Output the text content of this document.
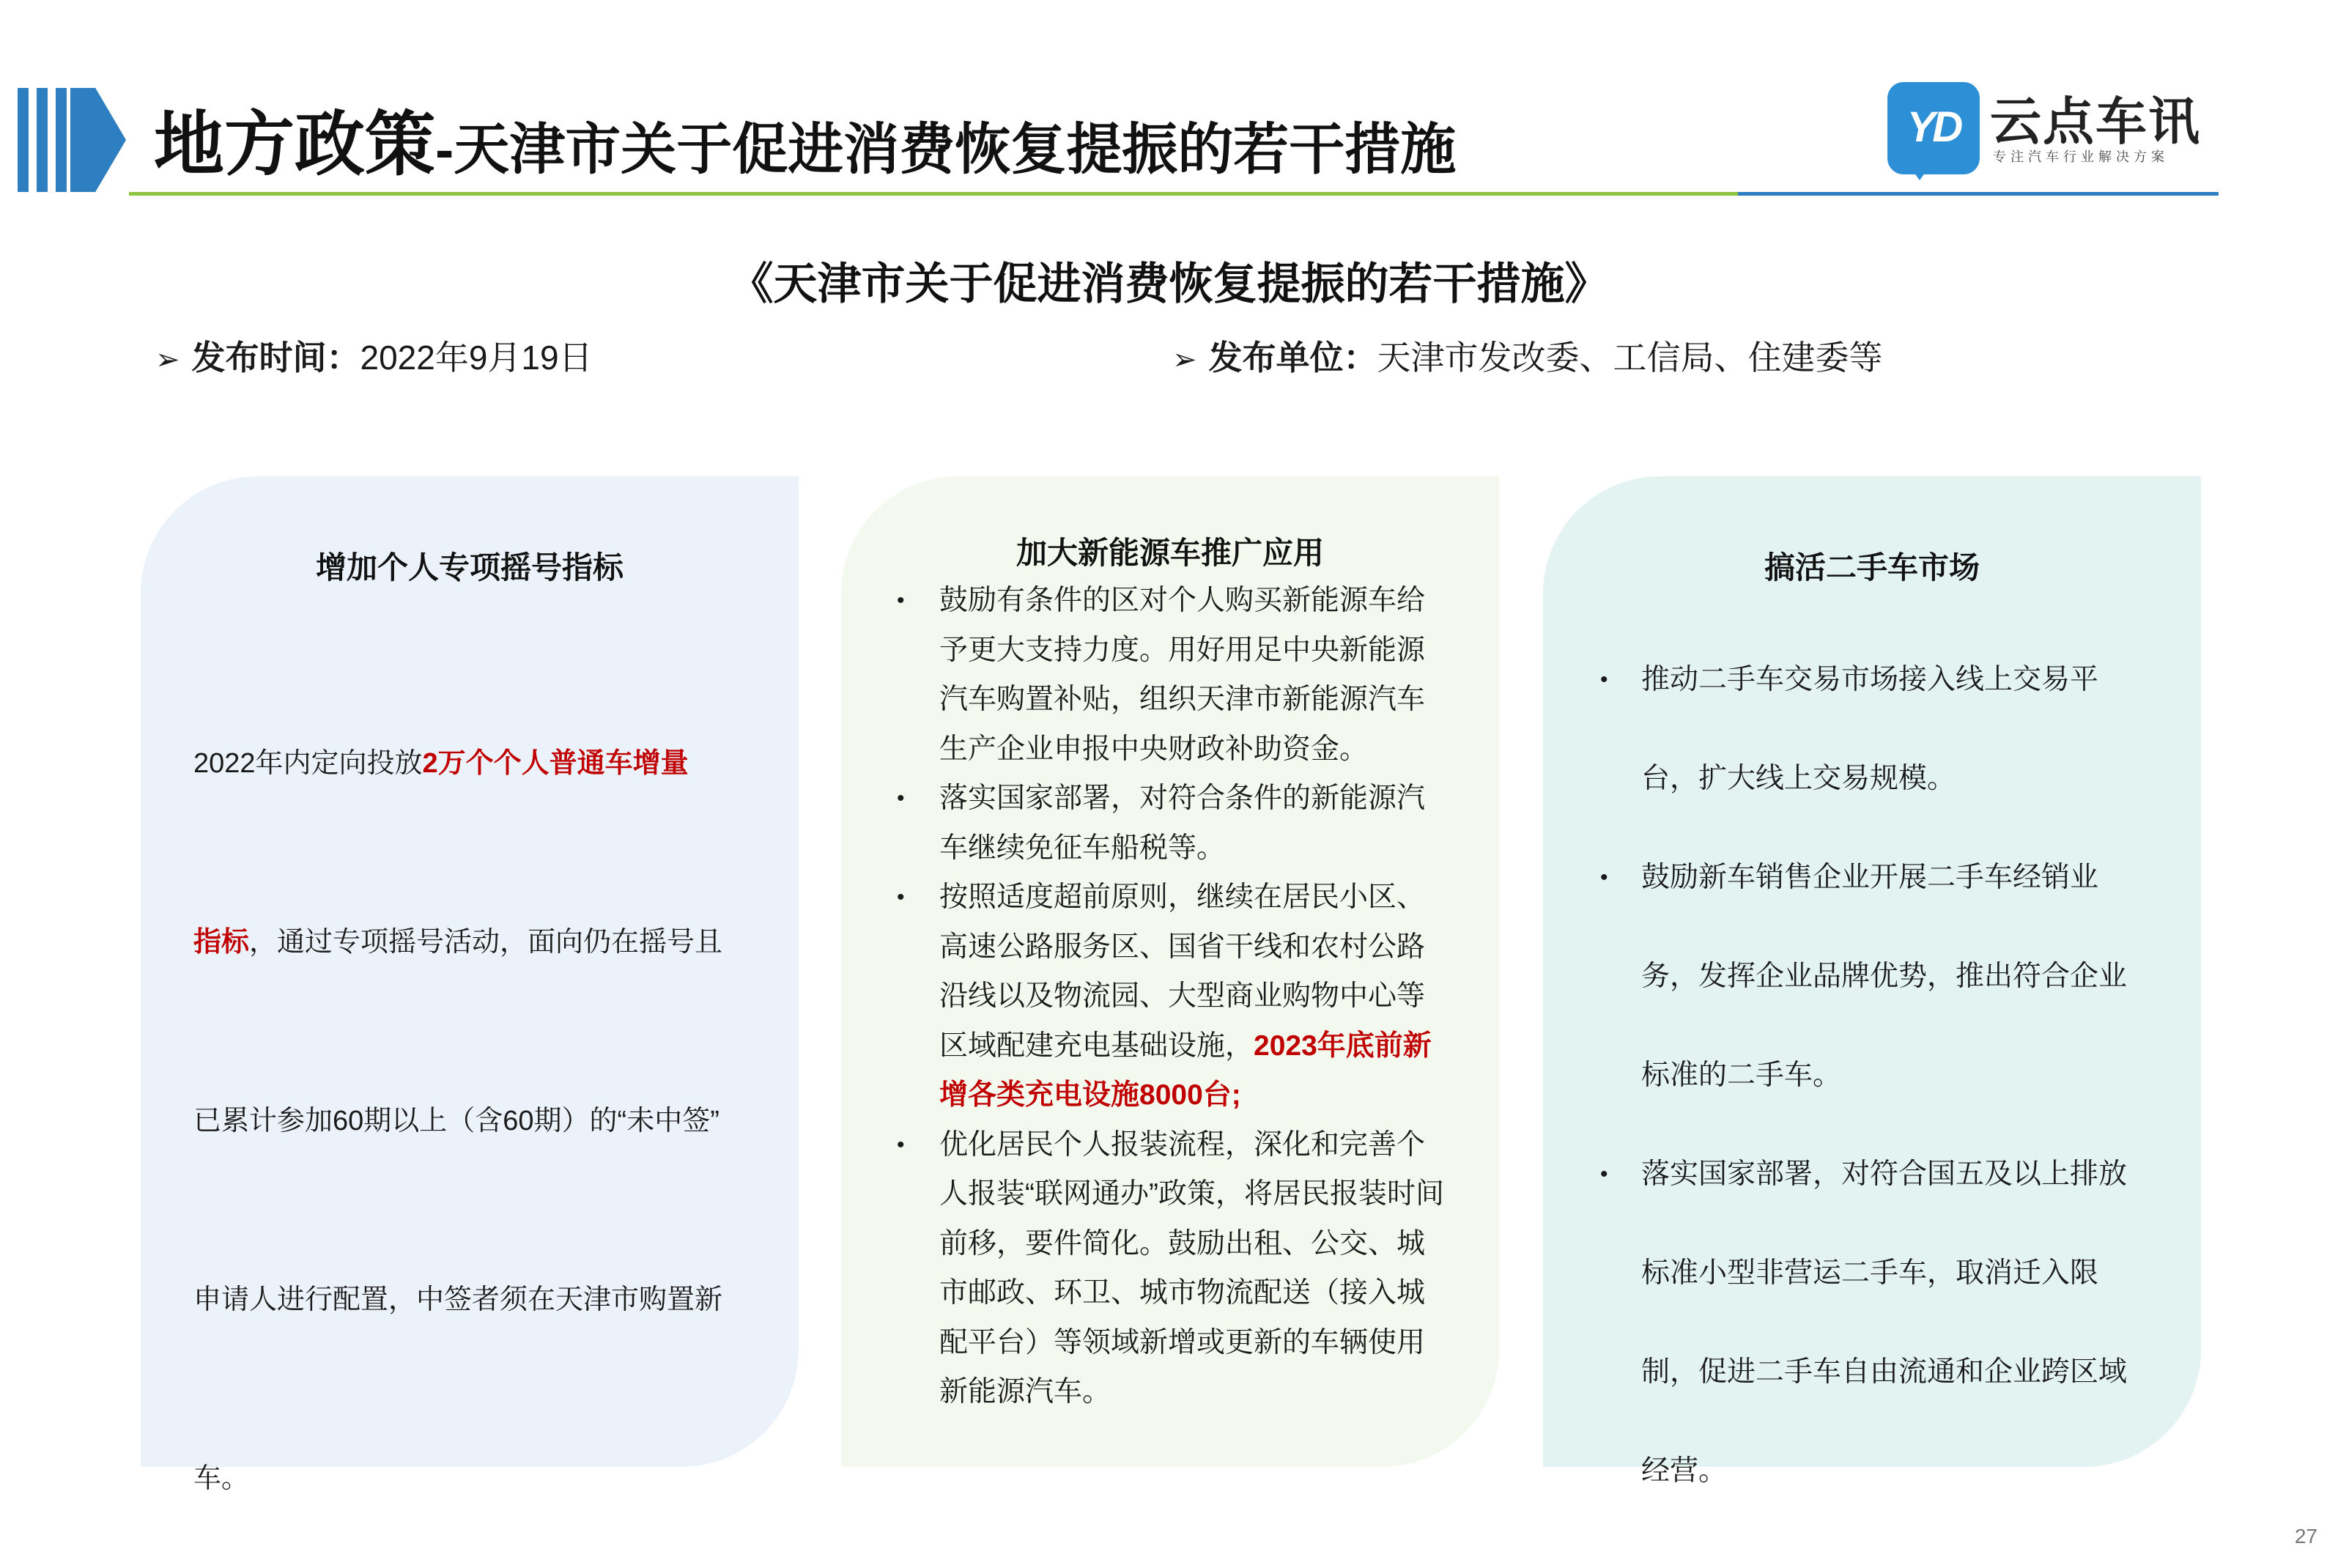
地方政策-天津市关于促进消费恢复提振的若干措施	YD 云点车讯
专注汽车行业解决方案
《天津市关于促进消费恢复提振的若干措施》
➢ 发布时间：2022年9月19日	➢ 发布单位：天津市发改委、工信局、住建委等
增加个人专项摇号指标
2022年内定向投放2万个个人普通车增量
指标，通过专项摇号活动，面向仍在摇号且
已累计参加60期以上（含60期）的“未中签”
申请人进行配置，中签者须在天津市购置新
车。
加大新能源车推广应用
• 鼓励有条件的区对个人购买新能源车给予更大支持力度。用好用足中央新能源汽车购置补贴，组织天津市新能源汽车生产企业申报中央财政补助资金。
• 落实国家部署，对符合条件的新能源汽车继续免征车船税等。
• 按照适度超前原则，继续在居民小区、高速公路服务区、国省干线和农村公路沿线以及物流园、大型商业购物中心等区域配建充电基础设施，2023年底前新增各类充电设施8000台;
• 优化居民个人报装流程，深化和完善个人报装“联网通办”政策，将居民报装时间前移，要件简化。鼓励出租、公交、城市邮政、环卫、城市物流配送（接入城配平台）等领域新增或更新的车辆使用新能源汽车。
搞活二手车市场
• 推动二手车交易市场接入线上交易平台，扩大线上交易规模。
• 鼓励新车销售企业开展二手车经销业务，发挥企业品牌优势，推出符合企业标准的二手车。
• 落实国家部署，对符合国五及以上排放标准小型非营运二手车，取消迁入限制，促进二手车自由流通和企业跨区域经营。
27
